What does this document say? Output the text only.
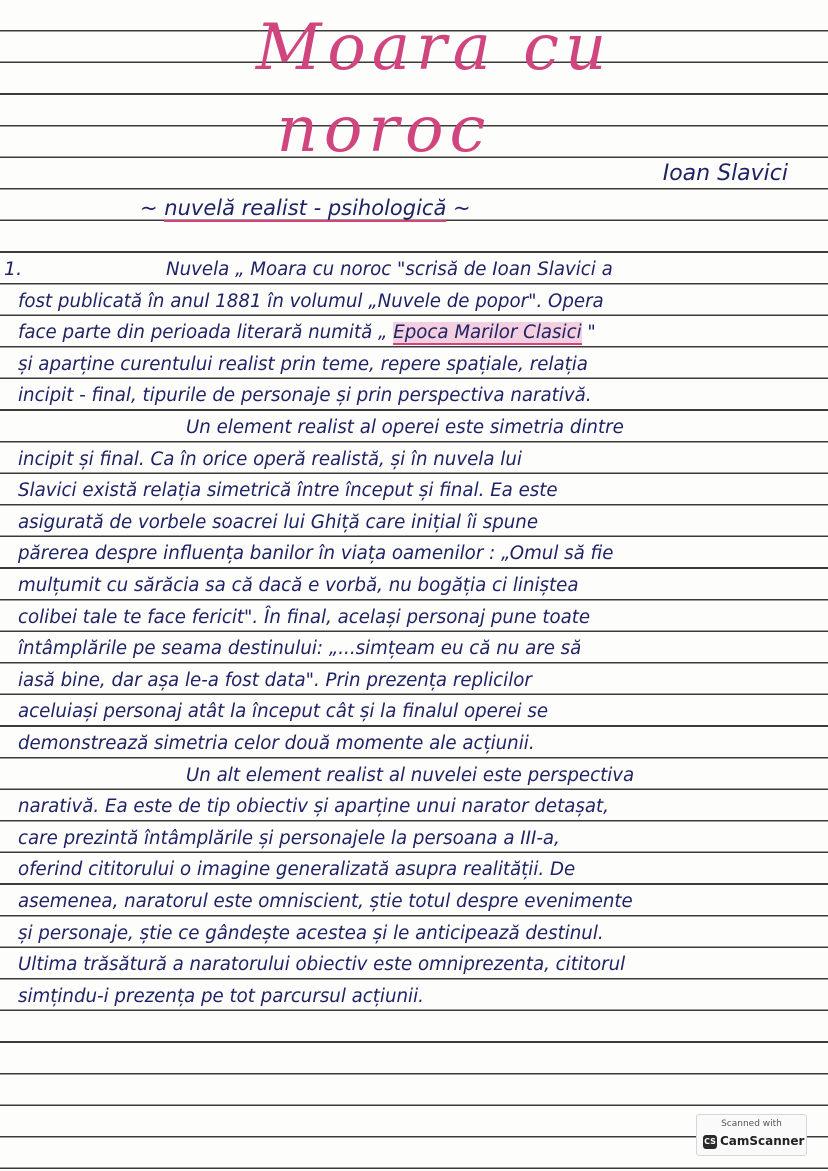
Moara cu
noroc
Ioan Slavici
~ nuvelă realist - psihologică ~
1.	Nuvela „ Moara cu noroc "scrisă de Ioan Slavici a
fost publicată în anul 1881 în volumul „Nuvele de popor". Opera
face parte din perioada literară numită „ Epoca Marilor Clasici "
și aparține curentului realist prin teme, repere spațiale, relația
incipit - final, tipurile de personaje și prin perspectiva narativă.
Un element realist al operei este simetria dintre
incipit și final. Ca în orice operă realistă, și în nuvela lui
Slavici există relația simetrică între început și final. Ea este
asigurată de vorbele soacrei lui Ghiță care inițial îi spune
părerea despre influența banilor în viața oamenilor : „Omul să fie
mulțumit cu sărăcia sa că dacă e vorbă, nu bogăția ci liniștea
colibei tale te face fericit". În final, același personaj pune toate
întâmplările pe seama destinului: „...simțeam eu că nu are să
iasă bine, dar așa le-a fost data". Prin prezența replicilor
aceluiași personaj atât la început cât și la finalul operei se
demonstrează simetria celor două momente ale acțiunii.
Un alt element realist al nuvelei este perspectiva
narativă. Ea este de tip obiectiv și aparține unui narator detașat,
care prezintă întâmplările și personajele la persoana a III-a,
oferind cititorului o imagine generalizată asupra realității. De
asemenea, naratorul este omniscient, știe totul despre evenimente
și personaje, știe ce gândește acestea și le anticipează destinul.
Ultima trăsătură a naratorului obiectiv este omniprezenta, cititorul
simțindu-i prezența pe tot parcursul acțiunii.
Scanned with
CS CamScanner
